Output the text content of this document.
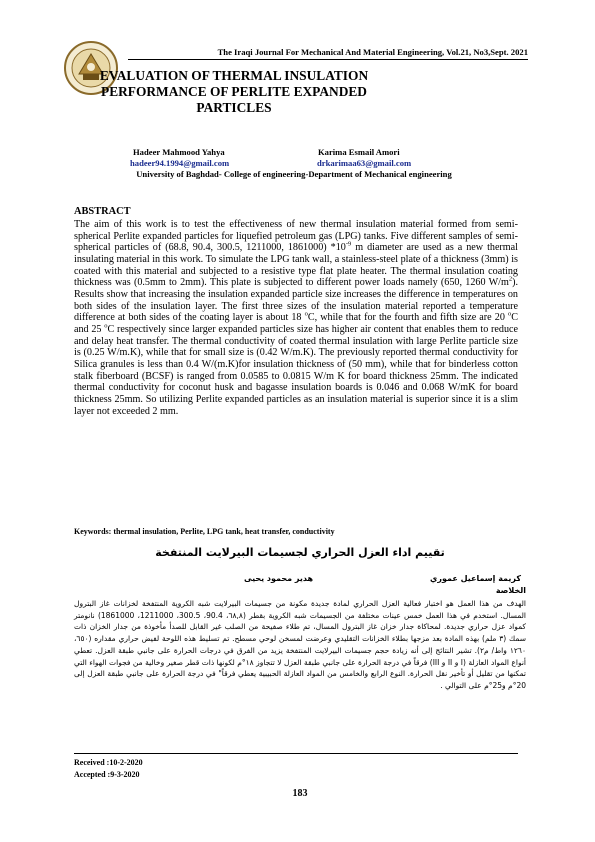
The Iraqi Journal For Mechanical And Material Engineering, Vol.21, No3,Sept. 2021
EVALUATION OF THERMAL INSULATION
PERFORMANCE OF PERLITE EXPANDED
PARTICLES
Hadeer Mahmood Yahya	Karima Esmail Amori
hadeer94.1994@gmail.com	drkarimaa63@gmail.com
University of Baghdad- College of engineering-Department of Mechanical engineering
ABSTRACT
The aim of this work is to test the effectiveness of new thermal insulation material formed from semi-spherical Perlite expanded particles for liquefied petroleum gas (LPG) tanks. Five different samples of semi-spherical particles of (68.8, 90.4, 300.5, 1211000, 1861000) $*10^{-9}$ m diameter are used as a new thermal insulating material in this work. To simulate the LPG tank wall, a stainless-steel plate of a thickness (3mm) is coated with this material and subjected to a resistive type flat plate heater. The thermal insulation coating thickness was (0.5mm to 2mm). This plate is subjected to different power loads namely (650, 1260 $W/m^2$). Results show that increasing the insulation expanded particle size increases the difference in temperatures on both sides of the insulation layer. The first three sizes of the insulation material reported a temperature difference at both sides of the coating layer is about 18 $^o$C, while that for the fourth and fifth size are 20 $^o$C and 25 $^o$C respectively since larger expanded particles size has higher air content that enables them to reduce and delay heat transfer. The thermal conductivity of coated thermal insulation with large Perlite particle size is (0.25 W/m.K), while that for small size is (0.42 W/m.K). The previously reported thermal conductivity for Silica granules is less than 0.4 W/(m.K)for insulation thickness of (50 mm), while that for binderless cotton stalk fiberboard (BCSF) is ranged from 0.0585 to 0.0815 W/m K for board thickness 25mm. The indicated thermal conductivity for coconut husk and bagasse insulation boards is 0.046 and 0.068 W/mK for board thickness 25mm. So utilizing Perlite expanded particles as an insulation material is superior since it is a slim layer not exceeded 2 mm.
Keywords: thermal insulation, Perlite, LPG tank, heat transfer, conductivity
تقييم اداء العزل الحراري لجسيمات البيرلايت المنتفخة
هدير محمود يحيى	كريمة إسماعيل عموري
الخلاصة
الهدف من هذا العمل هو اختبار فعالية العزل الحراري لمادة جديدة مكونة من جسيمات البيرلايت شبه الكروية المنتفخة لخزانات غاز البترول المسال. استخدم في هذا العمل خمس عينات مختلفة من الجسيمات شبه الكروية بقطر (٦٨,٨، 90.4، 300.5، 1211000، 1861000) نانومتر كمواد عزل حراري جديدة. لمحاكاة جدار خزان غاز البترول المسال، تم طلاء صفيحة من الصلب غير القابل للصدأ مأخوذة من جدار الخزان ذات سمك (٣ ملم) بهذه المادة بعد مزجها بطلاء الخزانات التقليدي وعرضت لمسخن لوحي مسطح. تم تسليط هذه اللوحة لفيض حراري مقداره (٦٥٠، ١٢٦٠ واط/ م٢). تشير النتائج إلى أنه زيادة حجم جسيمات البيرلايت المنتفخة يزيد من الفرق في درجات الحرارة على جانبي طبقة العزل. تعطي أنواع المواد العازلة (I و II و III) فرقاً في درجة الحرارة على جانبي طبقة العزل لا تتجاوز ١٨°م لكونها ذات قطر صغير وخالية من فجوات الهواء التي تمكنها من تقليل أو تأخير نقل الحرارة. النوع الرابع والخامس من المواد العازلة الحبيبية يعطي فرقاً" في درجة الحرارة على جانبي طبقة العزل إلى 20°م و25°م على التوالي .
Received :10-2-2020
Accepted :9-3-2020
183
